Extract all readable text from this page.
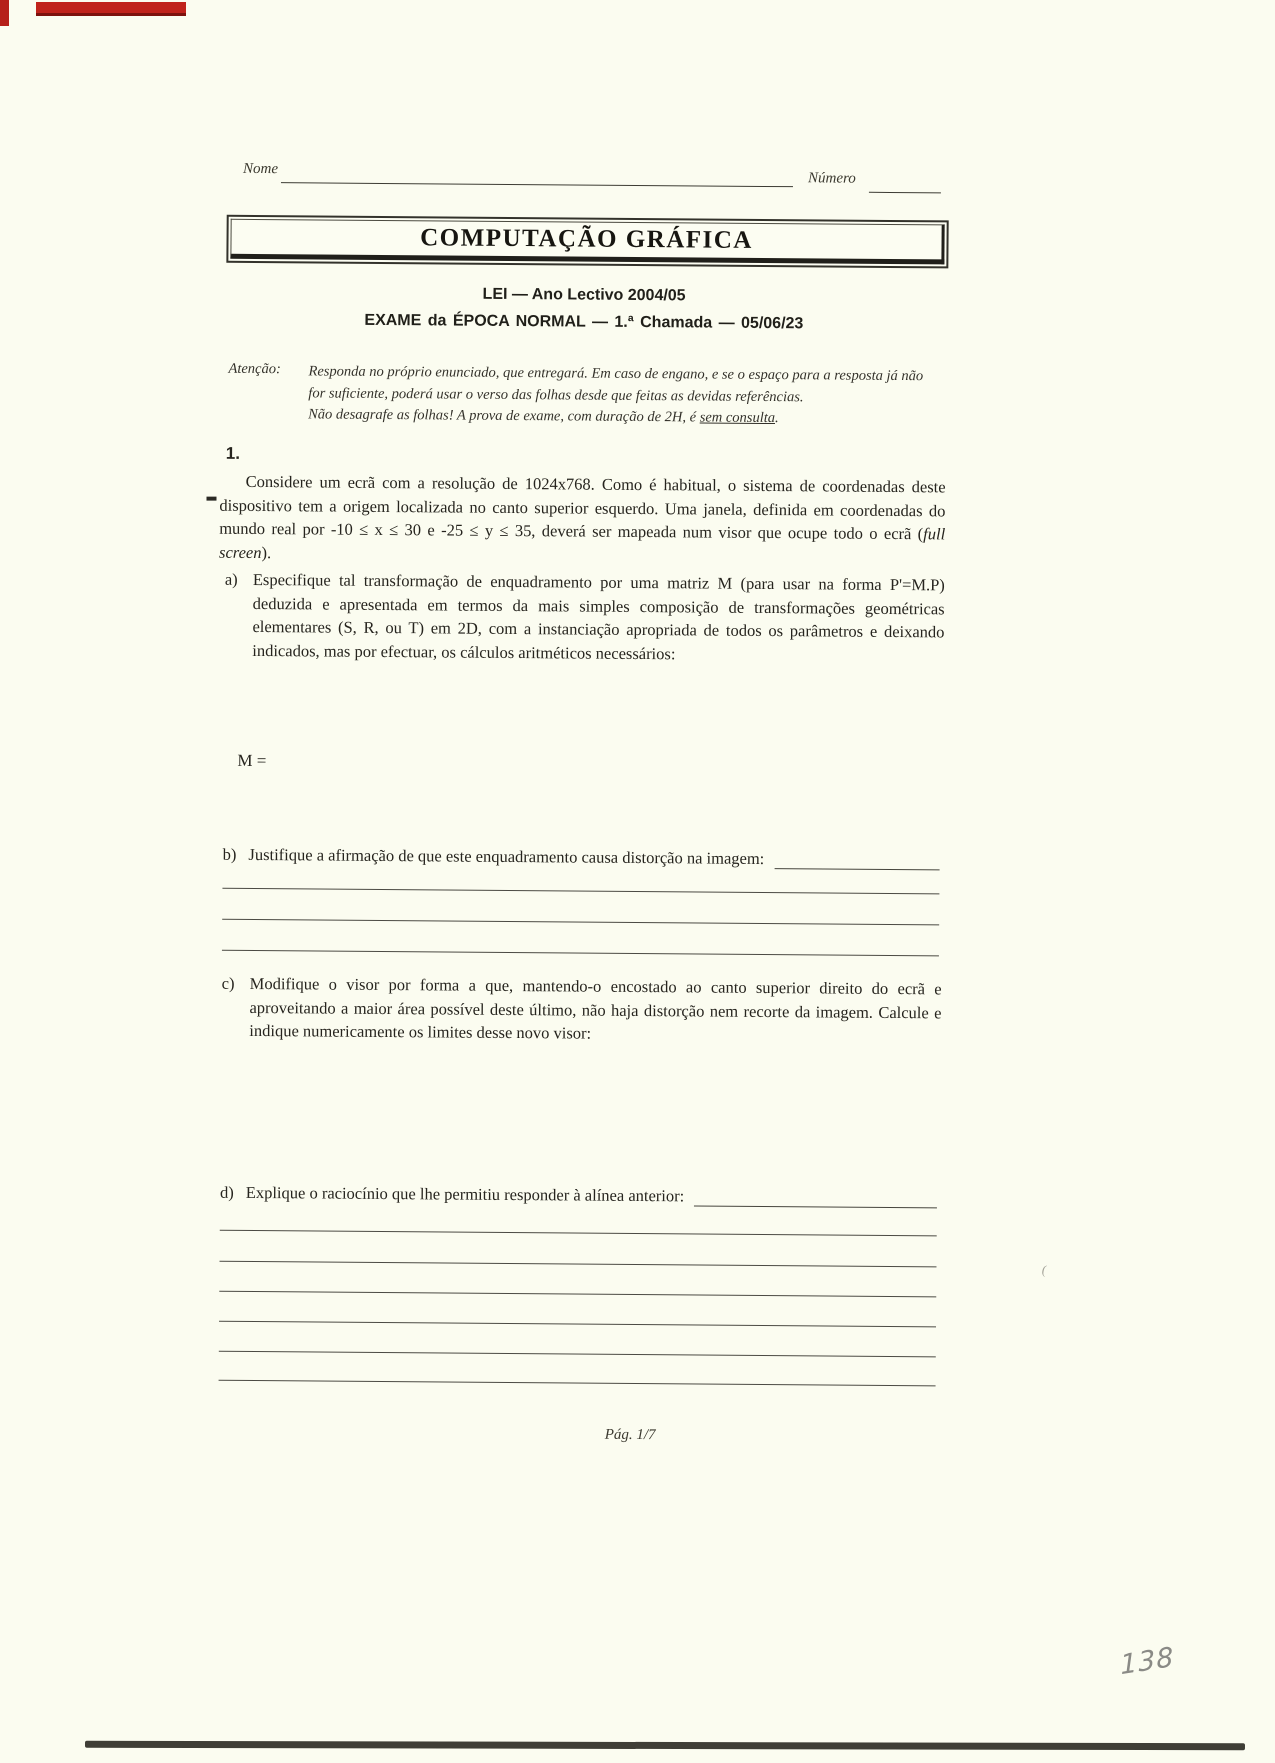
Nome
Número
COMPUTAÇÃO GRÁFICA
LEI — Ano Lectivo 2004/05
EXAME da ÉPOCA NORMAL — 1.ª Chamada — 05/06/23
Atenção: Responda no próprio enunciado, que entregará. Em caso de engano, e se o espaço para a resposta já não for suficiente, poderá usar o verso das folhas desde que feitas as devidas referências.
Não desagrafe as folhas! A prova de exame, com duração de 2H, é sem consulta.
1.
Considere um ecrã com a resolução de 1024x768. Como é habitual, o sistema de coordenadas deste dispositivo tem a origem localizada no canto superior esquerdo. Uma janela, definida em coordenadas do mundo real por -10 ≤ x ≤ 30 e -25 ≤ y ≤ 35, deverá ser mapeada num visor que ocupe todo o ecrã (full screen).
a) Especifique tal transformação de enquadramento por uma matriz M (para usar na forma P'=M.P) deduzida e apresentada em termos da mais simples composição de transformações geométricas elementares (S, R, ou T) em 2D, com a instanciação apropriada de todos os parâmetros e deixando indicados, mas por efectuar, os cálculos aritméticos necessários:
M =
b) Justifique a afirmação de que este enquadramento causa distorção na imagem:
c) Modifique o visor por forma a que, mantendo-o encostado ao canto superior direito do ecrã e aproveitando a maior área possível deste último, não haja distorção nem recorte da imagem. Calcule e indique numericamente os limites desse novo visor:
d) Explique o raciocínio que lhe permitiu responder à alínea anterior:
Pág. 1/7
(
138
